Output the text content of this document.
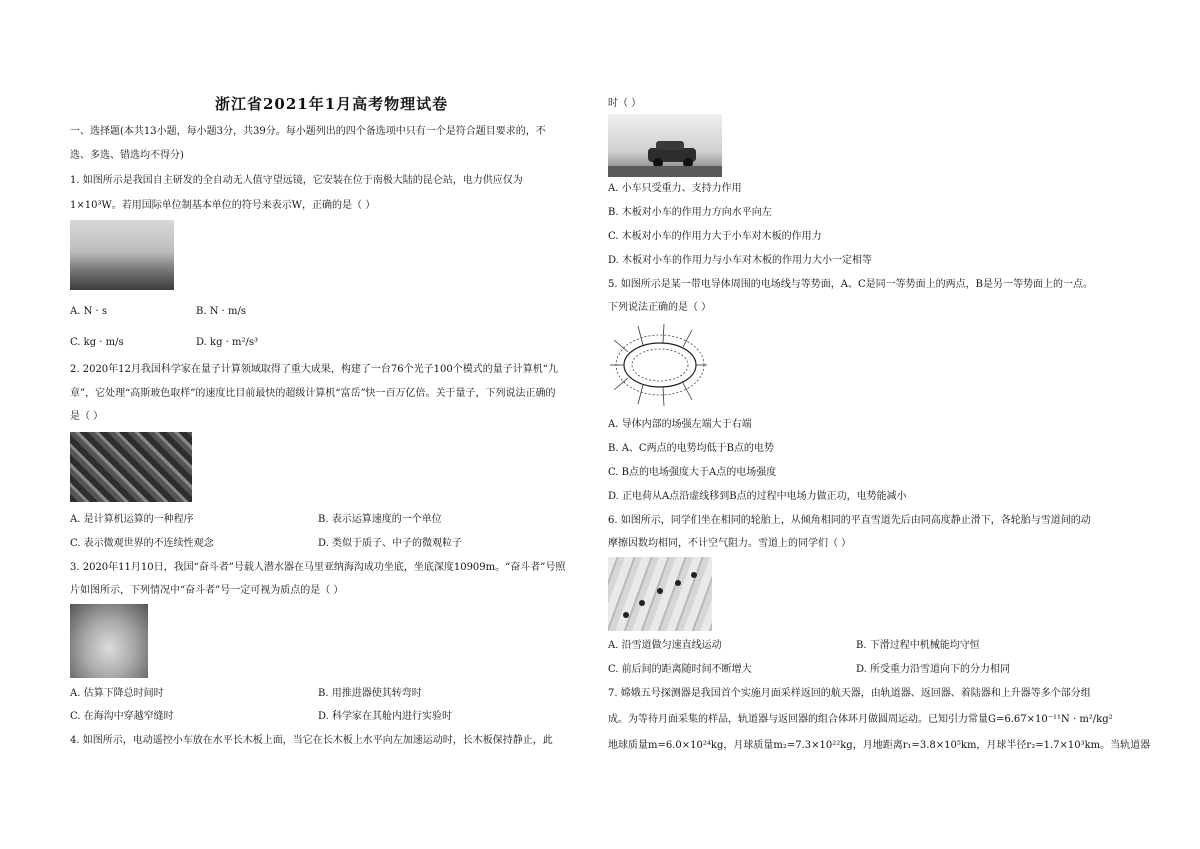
浙江省2021年1月高考物理试卷
一、选择题(本共13小题，每小题3分，共39分。每小题列出的四个备选项中只有一个是符合题目要求的，不
选、多选、错选均不得分)
1. 如图所示是我国自主研发的全自动无人值守望远镜，它安装在位于南极大陆的昆仑站，电力供应仅为
1×10³W。若用国际单位制基本单位的符号来表示W，正确的是（ ）
A. N · s	B. N · m/s
C. kg · m/s	D. kg · m²/s³
2. 2020年12月我国科学家在量子计算领域取得了重大成果，构建了一台76个光子100个模式的量子计算机“九
章”，它处理“高斯玻色取样”的速度比目前最快的超级计算机“富岳”快一百万亿倍。关于量子，下列说法正确的
是（ ）
A. 是计算机运算的一种程序	B. 表示运算速度的一个单位
C. 表示微观世界的不连续性观念	D. 类似于质子、中子的微观粒子
3. 2020年11月10日，我国“奋斗者”号载人潜水器在马里亚纳海沟成功坐底，坐底深度10909m。“奋斗者”号照
片如图所示，下列情况中“奋斗者”号一定可视为质点的是（ ）
A. 估算下降总时间时	B. 用推进器使其转弯时
C. 在海沟中穿越窄缝时	D. 科学家在其舱内进行实验时
4. 如图所示，电动遥控小车放在水平长木板上面，当它在长木板上水平向左加速运动时，长木板保持静止，此
时（ ）
A. 小车只受重力、支持力作用
B. 木板对小车的作用力方向水平向左
C. 木板对小车的作用力大于小车对木板的作用力
D. 木板对小车的作用力与小车对木板的作用力大小一定相等
5. 如图所示是某一带电导体周围的电场线与等势面，A、C是同一等势面上的两点，B是另一等势面上的一点。
下列说法正确的是（ ）
A. 导体内部的场强左端大于右端
B. A、C两点的电势均低于B点的电势
C. B点的电场强度大于A点的电场强度
D. 正电荷从A点沿虚线移到B点的过程中电场力做正功，电势能减小
6. 如图所示，同学们坐在相同的轮胎上，从倾角相同的平直雪道先后由同高度静止滑下，各轮胎与雪道间的动
摩擦因数均相同，不计空气阻力。雪道上的同学们（ ）
A. 沿雪道做匀速直线运动	B. 下滑过程中机械能均守恒
C. 前后间的距离随时间不断增大	D. 所受重力沿雪道向下的分力相同
7. 嫦娥五号探测器是我国首个实施月面采样返回的航天器，由轨道器、返回器、着陆器和上升器等多个部分组
成。为等待月面采集的样品，轨道器与返回器的组合体环月做圆周运动。已知引力常量G=6.67×10⁻¹¹N · m²/kg²
地球质量m=6.0×10²⁴kg，月球质量m₂=7.3×10²²kg，月地距离r₁=3.8×10⁵km，月球半径r₂=1.7×10³km。当轨道器
